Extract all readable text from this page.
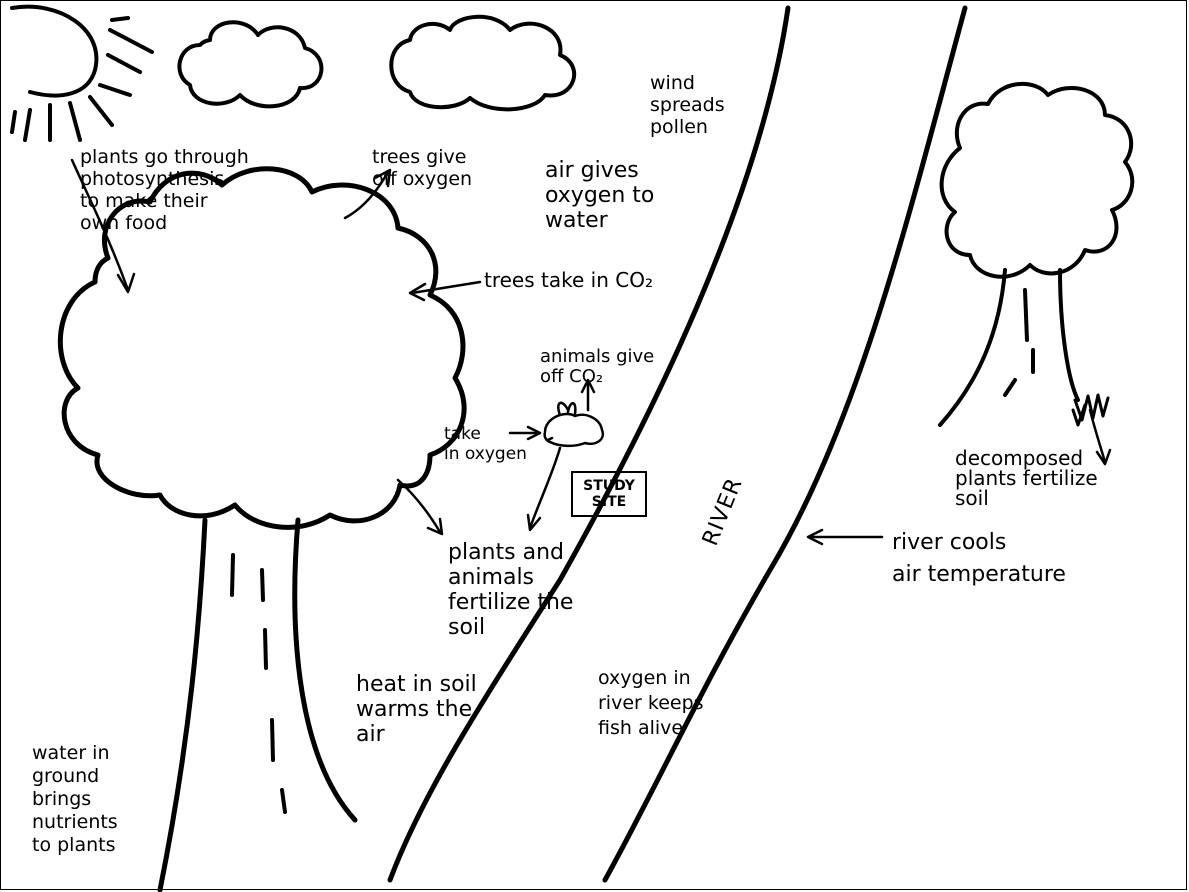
wind
spreads
pollen
plants go through
photosynthesis
to make their
own food
trees give
off oxygen	air gives
oxygen to
water
trees take in CO₂
animals give
off CO₂
take
in oxygen
STUDY
SITE
plants and
animals
fertilize the
soil
RIVER	river cools
air temperature
decomposed
plants fertilize
soil
heat in soil
warms the
air
oxygen in
river keeps
fish alive
water in
ground
brings
nutrients
to plants
